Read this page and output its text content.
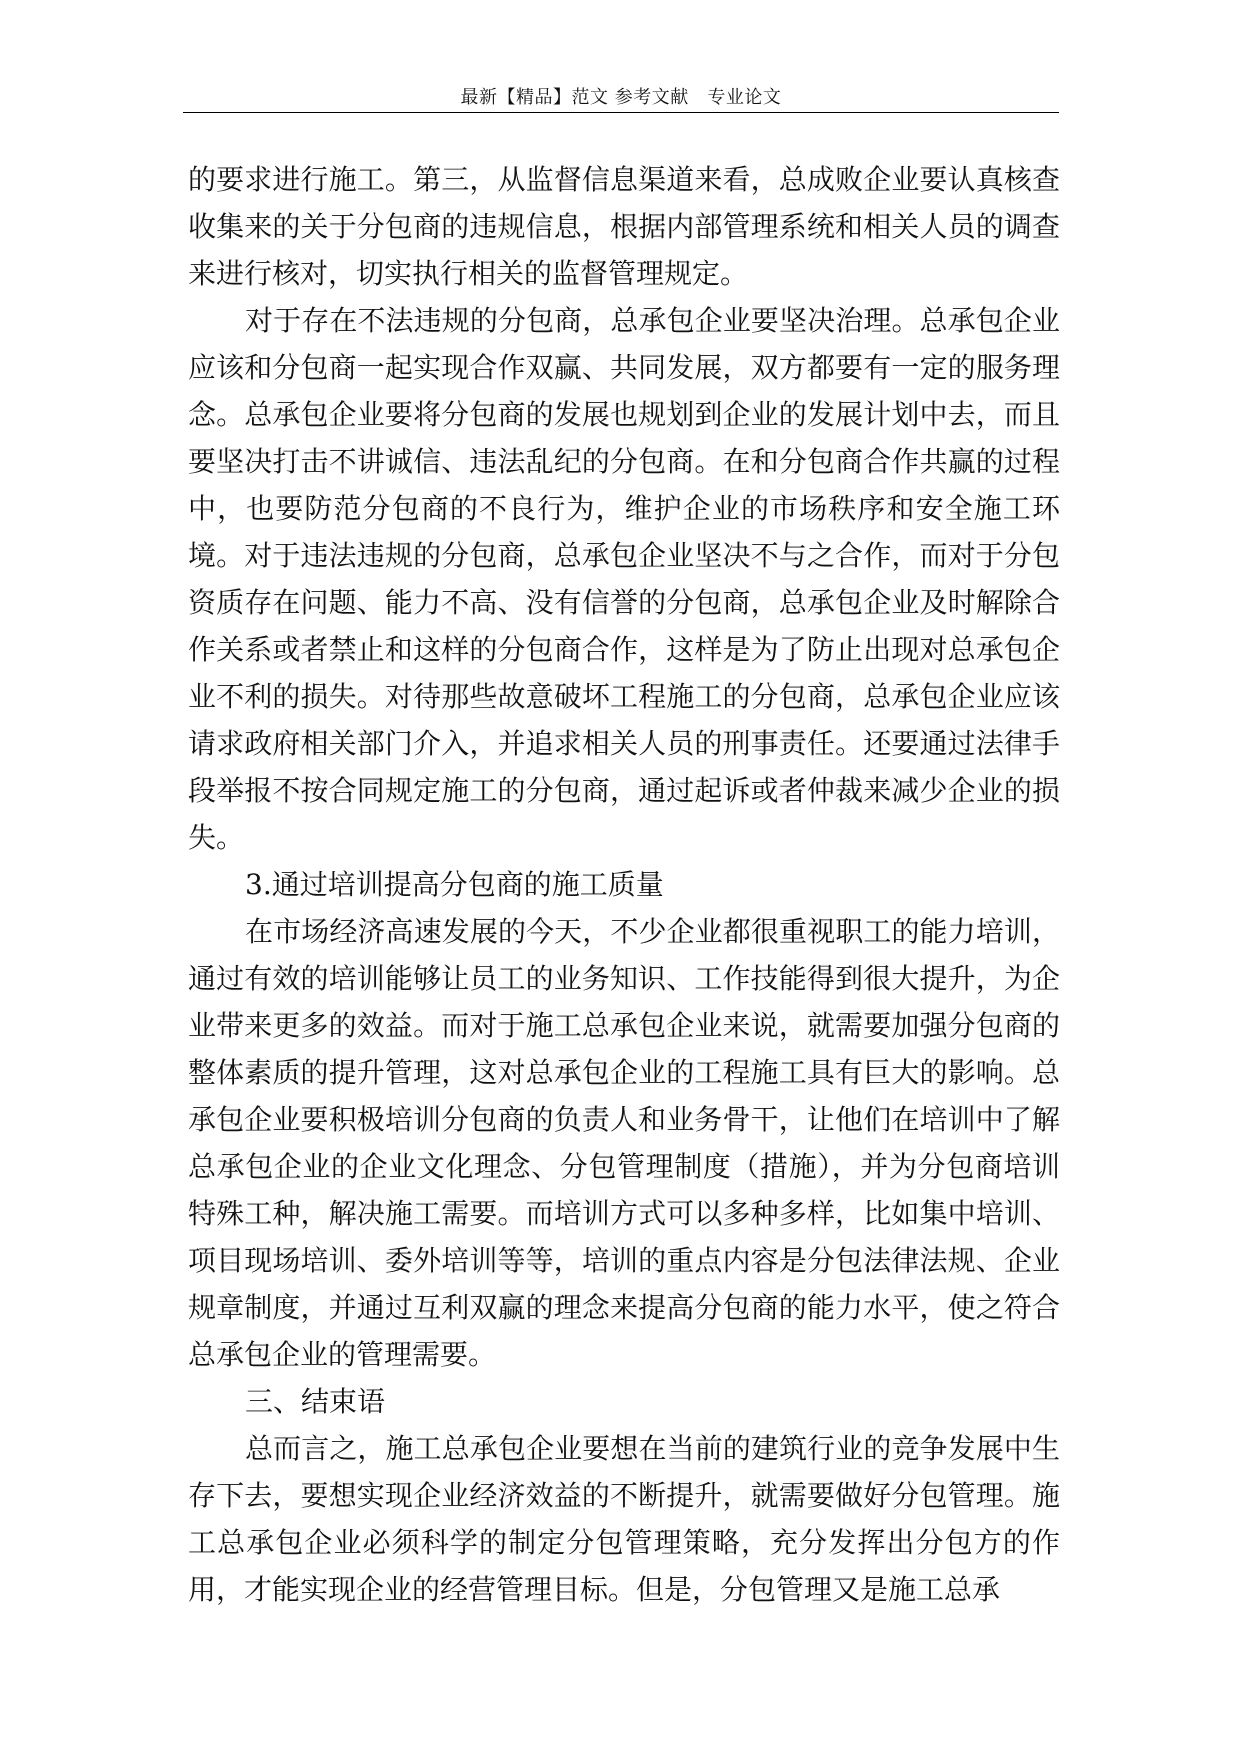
最新【精品】范文 参考文献   专业论文

的要求进行施工。第三，从监督信息渠道来看，总成败企业要认真核查收集来的关于分包商的违规信息，根据内部管理系统和相关人员的调查来进行核对，切实执行相关的监督管理规定。

对于存在不法违规的分包商，总承包企业要坚决治理。总承包企业应该和分包商一起实现合作双赢、共同发展，双方都要有一定的服务理念。总承包企业要将分包商的发展也规划到企业的发展计划中去，而且要坚决打击不讲诚信、违法乱纪的分包商。在和分包商合作共赢的过程中，也要防范分包商的不良行为，维护企业的市场秩序和安全施工环境。对于违法违规的分包商，总承包企业坚决不与之合作，而对于分包资质存在问题、能力不高、没有信誉的分包商，总承包企业及时解除合作关系或者禁止和这样的分包商合作，这样是为了防止出现对总承包企业不利的损失。对待那些故意破坏工程施工的分包商，总承包企业应该请求政府相关部门介入，并追求相关人员的刑事责任。还要通过法律手段举报不按合同规定施工的分包商，通过起诉或者仲裁来减少企业的损失。

3.通过培训提高分包商的施工质量

在市场经济高速发展的今天，不少企业都很重视职工的能力培训，通过有效的培训能够让员工的业务知识、工作技能得到很大提升，为企业带来更多的效益。而对于施工总承包企业来说，就需要加强分包商的整体素质的提升管理，这对总承包企业的工程施工具有巨大的影响。总承包企业要积极培训分包商的负责人和业务骨干，让他们在培训中了解总承包企业的企业文化理念、分包管理制度（措施），并为分包商培训特殊工种，解决施工需要。而培训方式可以多种多样，比如集中培训、项目现场培训、委外培训等等，培训的重点内容是分包法律法规、企业规章制度，并通过互利双赢的理念来提高分包商的能力水平，使之符合总承包企业的管理需要。

三、结束语

总而言之，施工总承包企业要想在当前的建筑行业的竞争发展中生存下去，要想实现企业经济效益的不断提升，就需要做好分包管理。施工总承包企业必须科学的制定分包管理策略，充分发挥出分包方的作用，才能实现企业的经营管理目标。但是，分包管理又是施工总承
